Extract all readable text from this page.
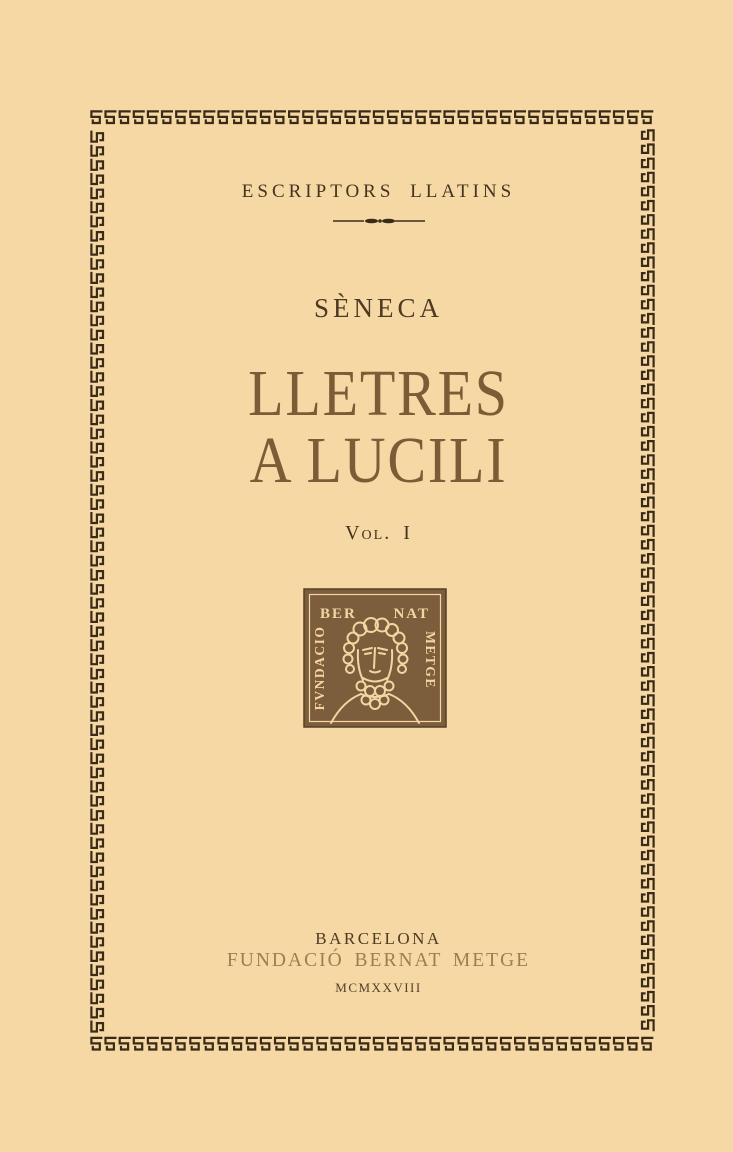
ESCRIPTORS LLATINS
SÈNECA
LLETRES
A LUCILI
Vol. I
BER NAT
FVNDACIO	METGE
BARCELONA
FUNDACIÓ BERNAT METGE
MCMXXVIII
